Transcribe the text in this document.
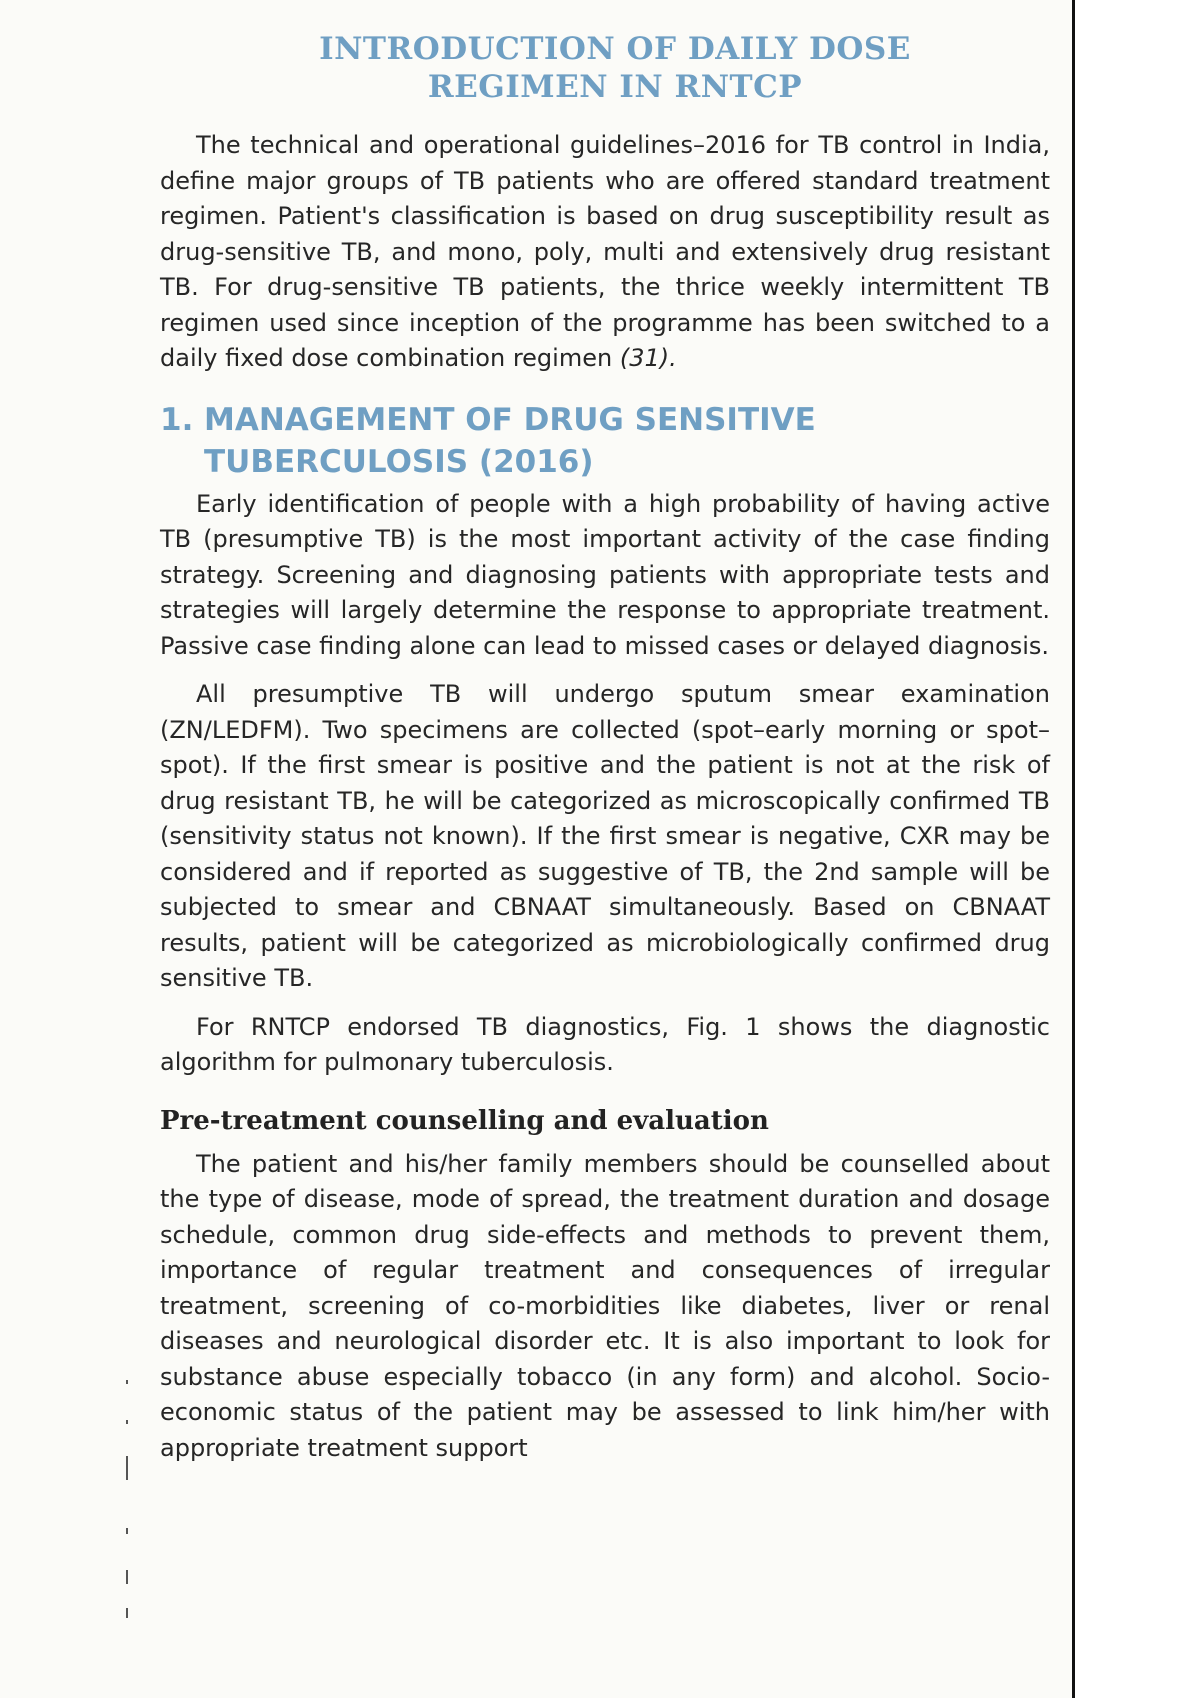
INTRODUCTION OF DAILY DOSE
REGIMEN IN RNTCP

The technical and operational guidelines–2016 for TB control in India, define major groups of TB patients who are offered standard treatment regimen. Patient's classification is based on drug susceptibility result as drug-sensitive TB, and mono, poly, multi and extensively drug resistant TB. For drug-sensitive TB patients, the thrice weekly intermittent TB regimen used since inception of the programme has been switched to a daily fixed dose combination regimen (31).

1. MANAGEMENT OF DRUG SENSITIVE
TUBERCULOSIS (2016)

Early identification of people with a high probability of having active TB (presumptive TB) is the most important activity of the case finding strategy. Screening and diagnosing patients with appropriate tests and strategies will largely determine the response to appropriate treatment. Passive case finding alone can lead to missed cases or delayed diagnosis.

All presumptive TB will undergo sputum smear examination (ZN/LEDFM). Two specimens are collected (spot–early morning or spot–spot). If the first smear is positive and the patient is not at the risk of drug resistant TB, he will be categorized as microscopically confirmed TB (sensitivity status not known). If the first smear is negative, CXR may be considered and if reported as suggestive of TB, the 2nd sample will be subjected to smear and CBNAAT simultaneously. Based on CBNAAT results, patient will be categorized as microbiologically confirmed drug sensitive TB.

For RNTCP endorsed TB diagnostics, Fig. 1 shows the diagnostic algorithm for pulmonary tuberculosis.

Pre-treatment counselling and evaluation

The patient and his/her family members should be counselled about the type of disease, mode of spread, the treatment duration and dosage schedule, common drug side-effects and methods to prevent them, importance of regular treatment and consequences of irregular treatment, screening of co-morbidities like diabetes, liver or renal diseases and neurological disorder etc. It is also important to look for substance abuse especially tobacco (in any form) and alcohol. Socio-economic status of the patient may be assessed to link him/her with appropriate treatment support
